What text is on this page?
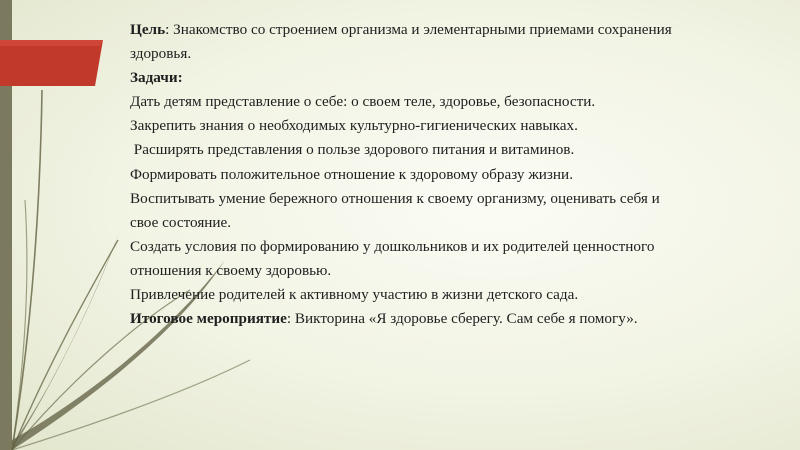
Цель: Знакомство со строением организма и элементарными приемами сохранения
здоровья.
Задачи:
Дать детям представление о себе: о своем теле, здоровье, безопасности.
Закрепить знания о необходимых культурно-гигиенических навыках.
Расширять представления о пользе здорового питания и витаминов.
Формировать положительное отношение к здоровому образу жизни.
Воспитывать умение бережного отношения к своему организму, оценивать себя и
свое состояние.
Создать условия по формированию у дошкольников и их родителей ценностного
отношения к своему здоровью.
Привлечение родителей к активному участию в жизни детского сада.
Итоговое мероприятие: Викторина «Я здоровье сберегу. Сам себе я помогу».
